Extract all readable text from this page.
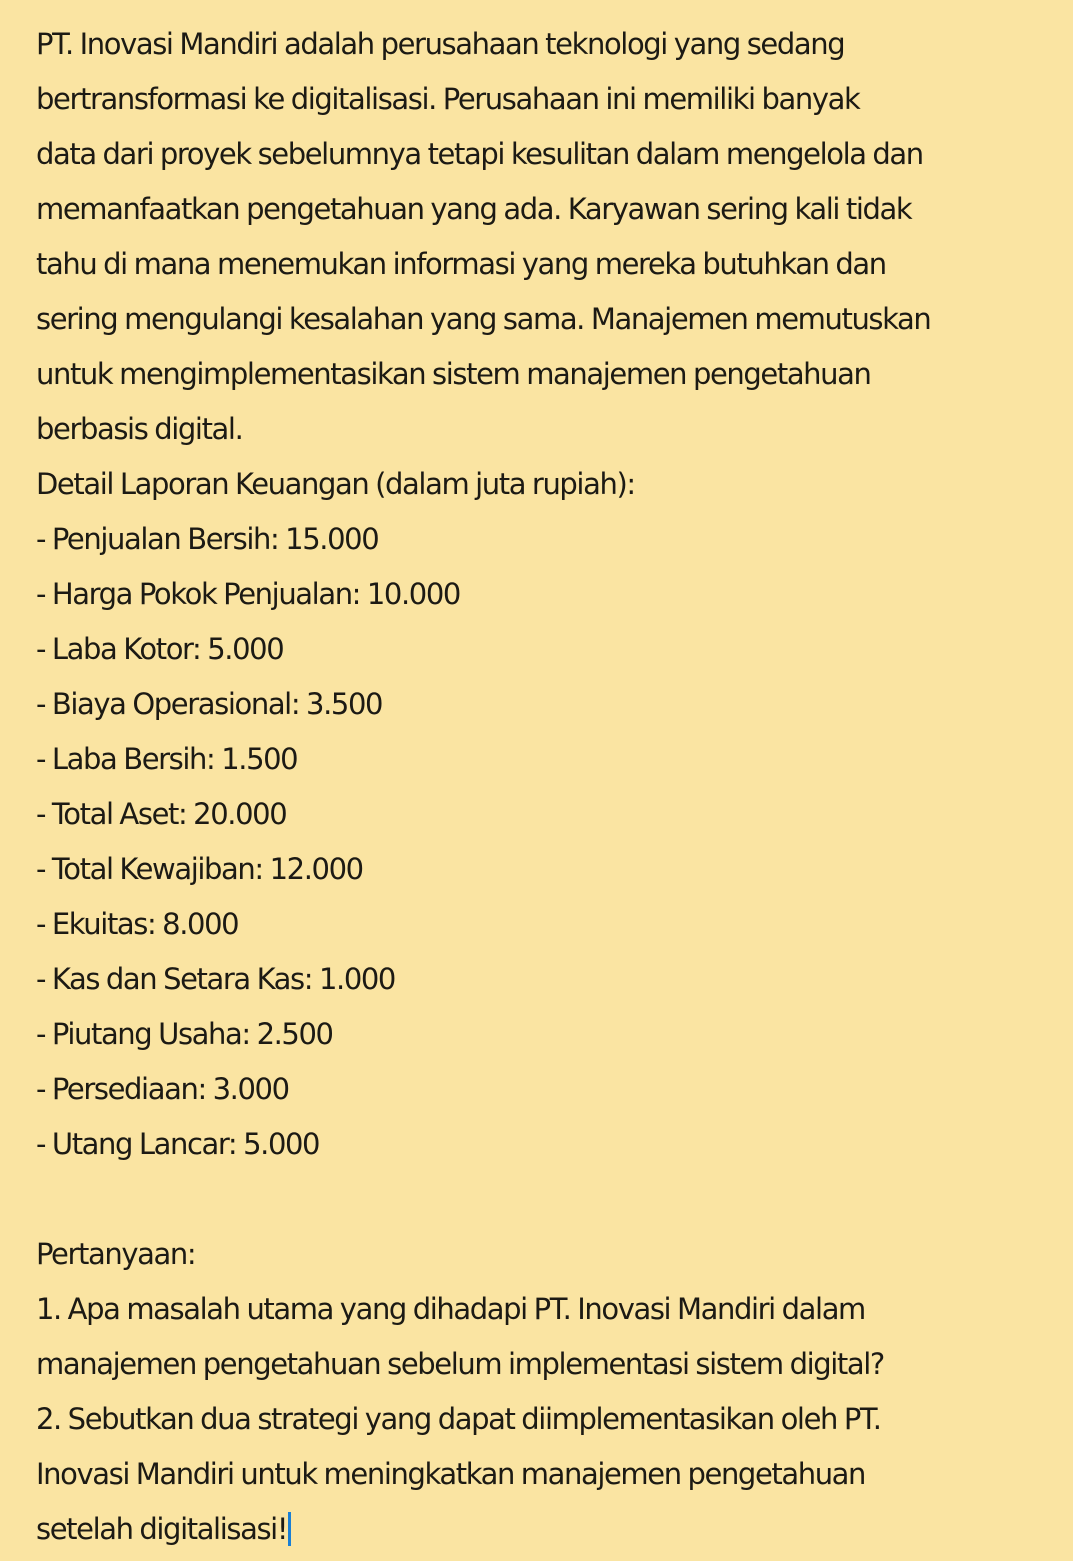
PT. Inovasi Mandiri adalah perusahaan teknologi yang sedang
bertransformasi ke digitalisasi. Perusahaan ini memiliki banyak
data dari proyek sebelumnya tetapi kesulitan dalam mengelola dan
memanfaatkan pengetahuan yang ada. Karyawan sering kali tidak
tahu di mana menemukan informasi yang mereka butuhkan dan
sering mengulangi kesalahan yang sama. Manajemen memutuskan
untuk mengimplementasikan sistem manajemen pengetahuan
berbasis digital.
Detail Laporan Keuangan (dalam juta rupiah):
- Penjualan Bersih: 15.000
- Harga Pokok Penjualan: 10.000
- Laba Kotor: 5.000
- Biaya Operasional: 3.500
- Laba Bersih: 1.500
- Total Aset: 20.000
- Total Kewajiban: 12.000
- Ekuitas: 8.000
- Kas dan Setara Kas: 1.000
- Piutang Usaha: 2.500
- Persediaan: 3.000
- Utang Lancar: 5.000
Pertanyaan:
1. Apa masalah utama yang dihadapi PT. Inovasi Mandiri dalam
manajemen pengetahuan sebelum implementasi sistem digital?
2. Sebutkan dua strategi yang dapat diimplementasikan oleh PT.
Inovasi Mandiri untuk meningkatkan manajemen pengetahuan
setelah digitalisasi!
